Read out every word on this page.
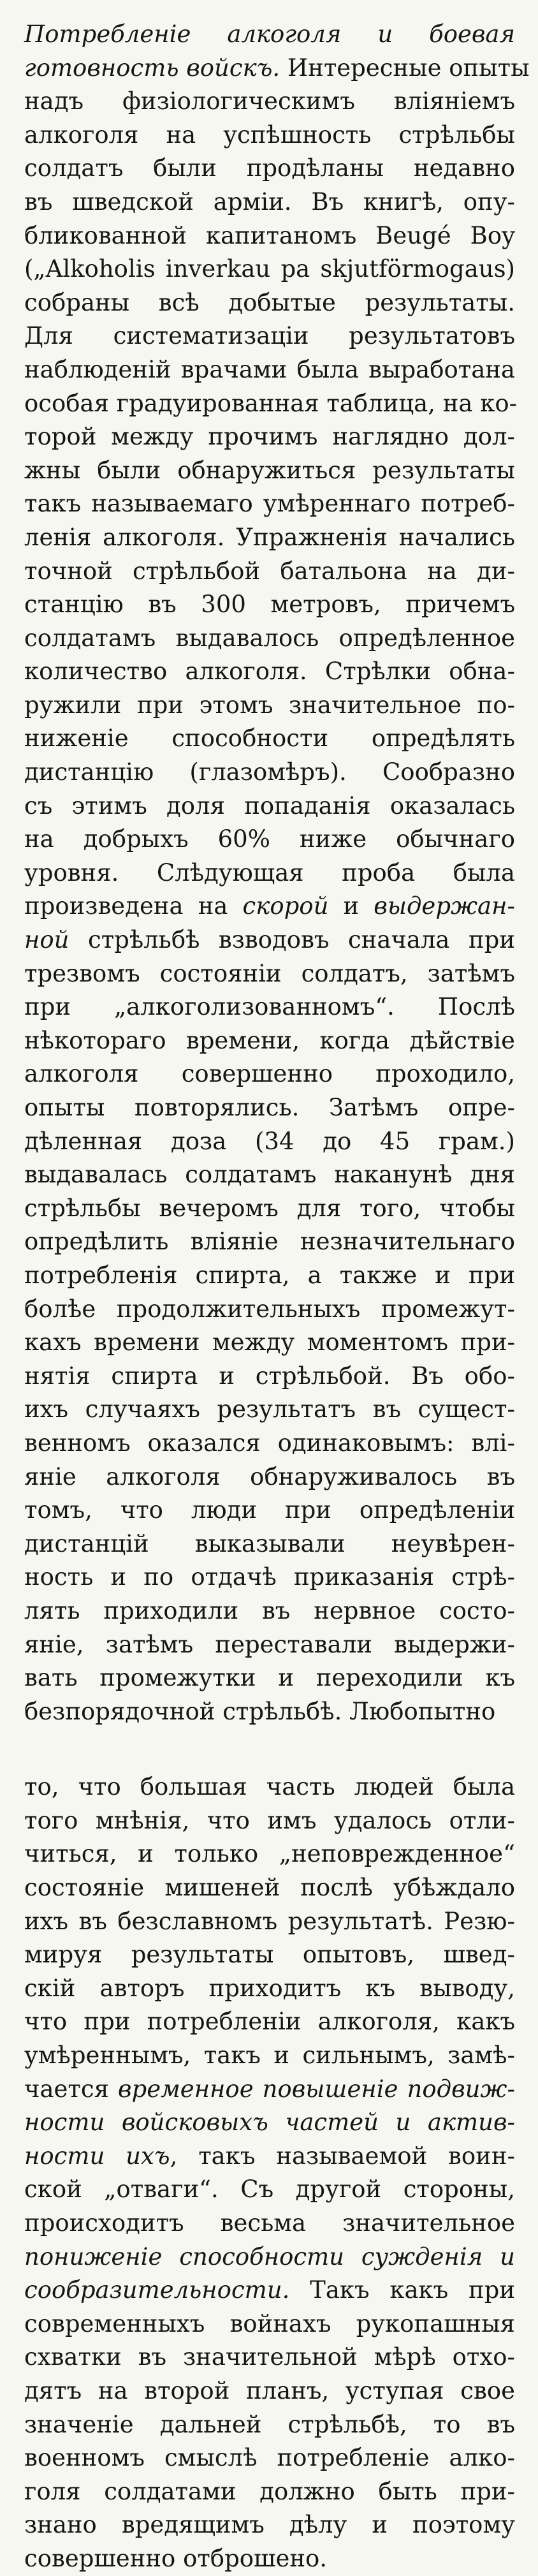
Потребленiе алкоголя и боевая
готовность войскъ. Интересные опыты
надъ физiологическимъ влiянiемъ
алкоголя на успѣшность стрѣльбы
солдатъ были продѣланы недавно
въ шведской армiи. Въ книгѣ, опу-
бликованной капитаномъ Beugé Boy
(„Alkoholis inverkau pa skjutförmogaus)
собраны всѣ добытые результаты.
Для систематизацiи результатовъ
наблюденiй врачами была выработана
особая градуированная таблица, на ко-
торой между прочимъ наглядно дол-
жны были обнаружиться результаты
такъ называемаго умѣреннаго потреб-
ленiя алкоголя. Упражненiя начались
точной стрѣльбой батальона на ди-
станцiю въ 300 метровъ, причемъ
солдатамъ выдавалось опредѣленное
количество алкоголя. Стрѣлки обна-
ружили при этомъ значительное по-
ниженiе способности опредѣлять
дистанцiю (глазомѣръ). Сообразно
съ этимъ доля попаданiя оказалась
на добрыхъ 60% ниже обычнаго
уровня. Слѣдующая проба была
произведена на скорой и выдержан-
ной стрѣльбѣ взводовъ сначала при
трезвомъ состоянiи солдатъ, затѣмъ
при „алкоголизованномъ“. Послѣ
нѣкотораго времени, когда дѣйствiе
алкоголя совершенно проходило,
опыты повторялись. Затѣмъ опре-
дѣленная доза (34 до 45 грам.)
выдавалась солдатамъ наканунѣ дня
стрѣльбы вечеромъ для того, чтобы
опредѣлить влiянiе незначительнаго
потребленiя спирта, а также и при
болѣе продолжительныхъ промежут-
кахъ времени между моментомъ при-
нятiя спирта и стрѣльбой. Въ обо-
ихъ случаяхъ результатъ въ сущест-
венномъ оказался одинаковымъ: влi-
янiе алкоголя обнаруживалось въ
томъ, что люди при опредѣленiи
дистанцiй выказывали неувѣрен-
ность и по отдачѣ приказанiя стрѣ-
лять приходили въ нервное состо-
янiе, затѣмъ переставали выдержи-
вать промежутки и переходили къ
безпорядочной стрѣльбѣ. Любопытно
то, что большая часть людей была
того мнѣнiя, что имъ удалось отли-
читься, и только „неповрежденное“
состоянiе мишеней послѣ убѣждало
ихъ въ безславномъ результатѣ. Резю-
мируя результаты опытовъ, швед-
скiй авторъ приходитъ къ выводу,
что при потребленiи алкоголя, какъ
умѣреннымъ, такъ и сильнымъ, замѣ-
чается временное повышенiе подвиж-
ности войсковыхъ частей и актив-
ности ихъ, такъ называемой воин-
ской „отваги“. Съ другой стороны,
происходитъ весьма значительное
пониженiе способности сужденiя и
сообразительности. Такъ какъ при
современныхъ войнахъ рукопашныя
схватки въ значительной мѣрѣ отхо-
дятъ на второй планъ, уступая свое
значенiе дальней стрѣльбѣ, то въ
военномъ смыслѣ потребленiе алко-
голя солдатами должно быть при-
знано вредящимъ дѣлу и поэтому
совершенно отброшено.
